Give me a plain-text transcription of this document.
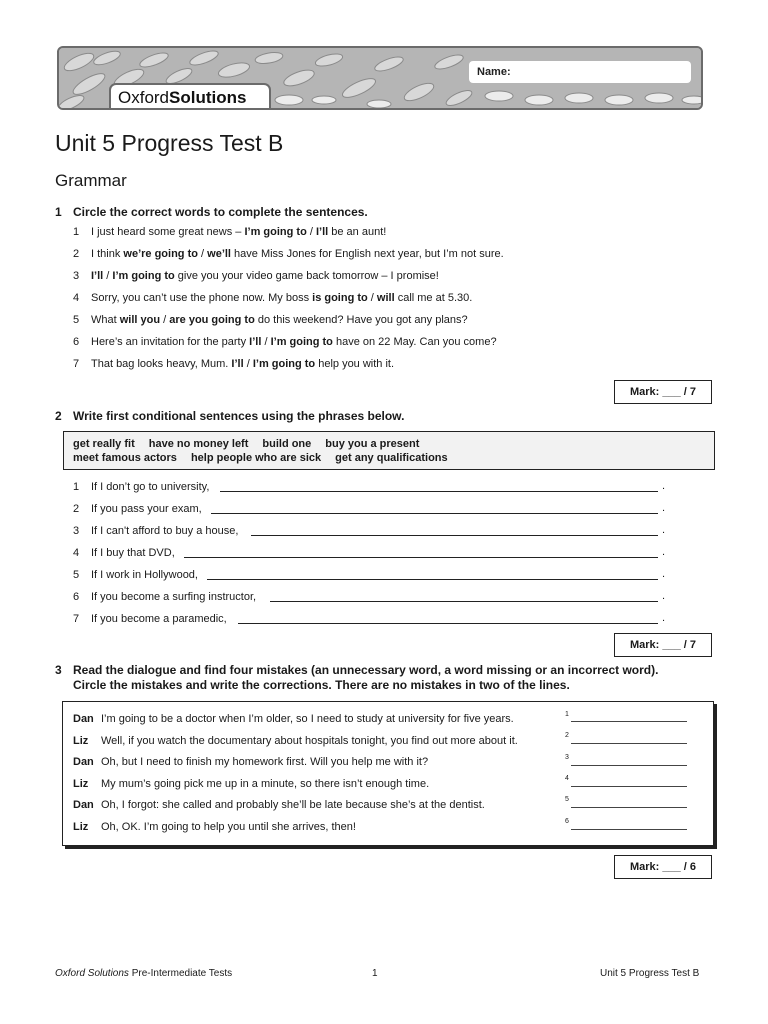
Name:
OxfordSolutions
Unit 5 Progress Test B
Grammar
1 Circle the correct words to complete the sentences.
1 I just heard some great news – I’m going to / I’ll be an aunt!
2 I think we’re going to / we’ll have Miss Jones for English next year, but I’m not sure.
3 I’ll / I’m going to give you your video game back tomorrow – I promise!
4 Sorry, you can’t use the phone now. My boss is going to / will call me at 5.30.
5 What will you / are you going to do this weekend? Have you got any plans?
6 Here’s an invitation for the party I’ll / I’m going to have on 22 May. Can you come?
7 That bag looks heavy, Mum. I’ll / I’m going to help you with it.
Mark: ___ / 7
2 Write first conditional sentences using the phrases below.
get really fit have no money left build one buy you a present
meet famous actors help people who are sick get any qualifications
1 If I don’t go to university,	.
2 If you pass your exam,	.
3 If I can't afford to buy a house,	.
4 If I buy that DVD,	.
5 If I work in Hollywood,	.
6 If you become a surfing instructor,	.
7 If you become a paramedic,	.
Mark: ___ / 7
3 Read the dialogue and find four mistakes (an unnecessary word, a word missing or an incorrect word).
Circle the mistakes and write the corrections. There are no mistakes in two of the lines.
Dan I’m going to be a doctor when I’m older, so I need to study at university for five years.	1
Liz Well, if you watch the documentary about hospitals tonight, you find out more about it.	2
Dan Oh, but I need to finish my homework first. Will you help me with it?	3
Liz My mum’s going pick me up in a minute, so there isn’t enough time.	4
Dan Oh, I forgot: she called and probably she’ll be late because she’s at the dentist.	5
Liz Oh, OK. I’m going to help you until she arrives, then!	6
Mark: ___ / 6
Oxford Solutions Pre-Intermediate Tests	1	Unit 5 Progress Test B
